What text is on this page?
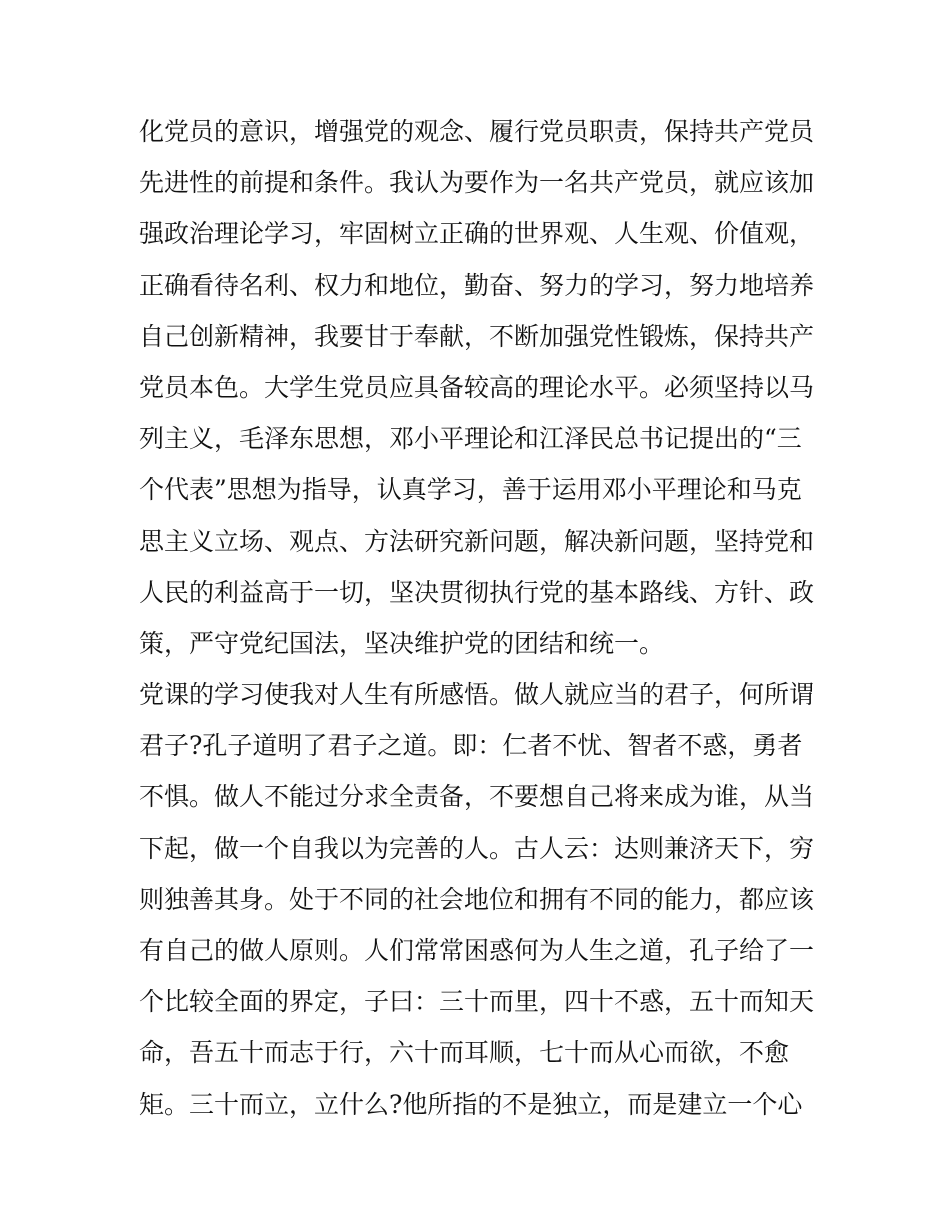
化党员的意识，增强党的观念、履行党员职责，保持共产党员
先进性的前提和条件。我认为要作为一名共产党员，就应该加
强政治理论学习，牢固树立正确的世界观、人生观、价值观，
正确看待名利、权力和地位，勤奋、努力的学习，努力地培养
自己创新精神，我要甘于奉献，不断加强党性锻炼，保持共产
党员本色。大学生党员应具备较高的理论水平。必须坚持以马
列主义，毛泽东思想，邓小平理论和江泽民总书记提出的“三
个代表”思想为指导，认真学习，善于运用邓小平理论和马克
思主义立场、观点、方法研究新问题，解决新问题，坚持党和
人民的利益高于一切，坚决贯彻执行党的基本路线、方针、政
策，严守党纪国法，坚决维护党的团结和统一。
党课的学习使我对人生有所感悟。做人就应当的君子，何所谓
君子?孔子道明了君子之道。即：仁者不忧、智者不惑，勇者
不惧。做人不能过分求全责备，不要想自己将来成为谁，从当
下起，做一个自我以为完善的人。古人云：达则兼济天下，穷
则独善其身。处于不同的社会地位和拥有不同的能力，都应该
有自己的做人原则。人们常常困惑何为人生之道，孔子给了一
个比较全面的界定，子曰：三十而里，四十不惑，五十而知天
命，吾五十而志于行，六十而耳顺，七十而从心而欲，不愈
矩。三十而立，立什么?他所指的不是独立，而是建立一个心
